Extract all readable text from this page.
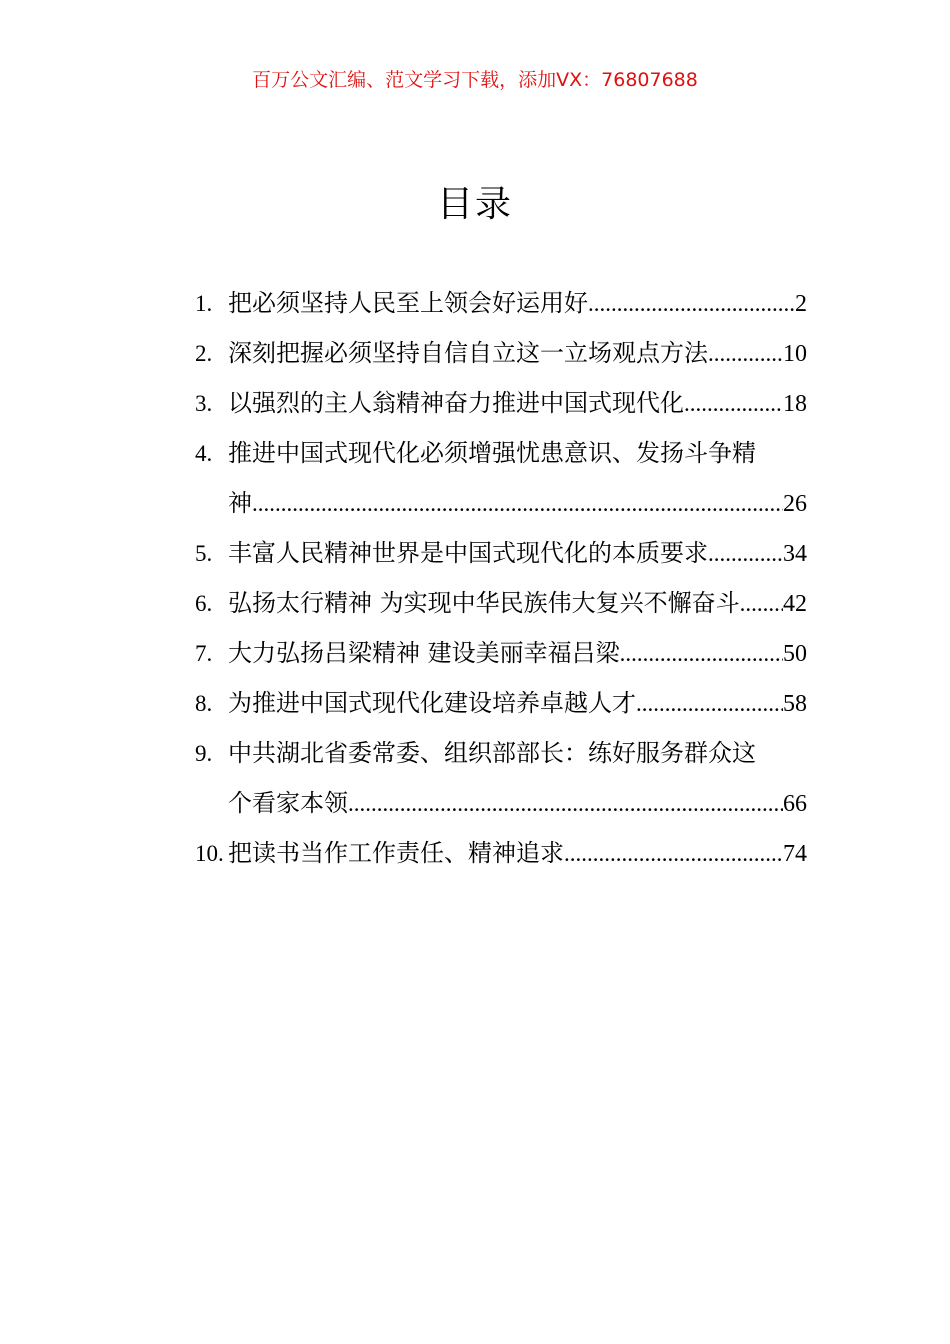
百万公文汇编、范文学习下载，添加VX：76807688
目录
1. 把必须坚持人民至上领会好运用好 .....	2
2. 深刻把握必须坚持自信自立这一立场观点方法 .....	10
3. 以强烈的主人翁精神奋力推进中国式现代化 .....	18
4. 推进中国式现代化必须增强忧患意识、发扬斗争精
神 .....	26
5. 丰富人民精神世界是中国式现代化的本质要求 .....	34
6. 弘扬太行精神 为实现中华民族伟大复兴不懈奋斗 ..... 42
7. 大力弘扬吕梁精神 建设美丽幸福吕梁 .....	50
8. 为推进中国式现代化建设培养卓越人才 .....	58
9. 中共湖北省委常委、组织部部长：练好服务群众这
个看家本领 .....	66
10. 把读书当作工作责任、精神追求 .....	74
